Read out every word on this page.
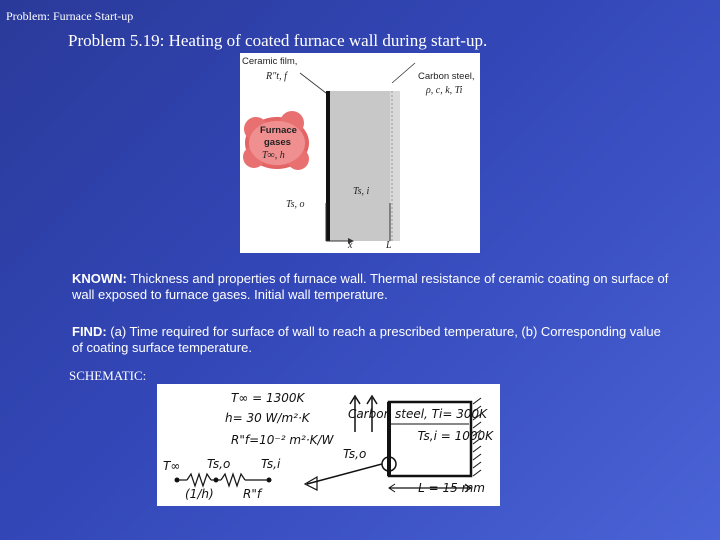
Problem: Furnace Start-up
Problem 5.19: Heating of coated furnace wall during start-up.
Ceramic film,
R"t, f	Carbon steel,
ρ, c, k, Ti
Furnace
gases
T∞, h
Ts, i
Ts, o
x	L
KNOWN: Thickness and properties of furnace wall. Thermal resistance of ceramic coating on surface of wall exposed to furnace gases. Initial wall temperature.
FIND: (a) Time required for surface of wall to reach a prescribed temperature, (b) Corresponding value of coating surface temperature.
SCHEMATIC:
T∞ = 1300K
h= 30 W/m²·K
R"f=10⁻² m²·K/W
Ts,o
Carbon steel, Ti= 300K
Ts,i = 1000K
L = 15 mm
T∞ Ts,o	Ts,i
(1/h) R"f
